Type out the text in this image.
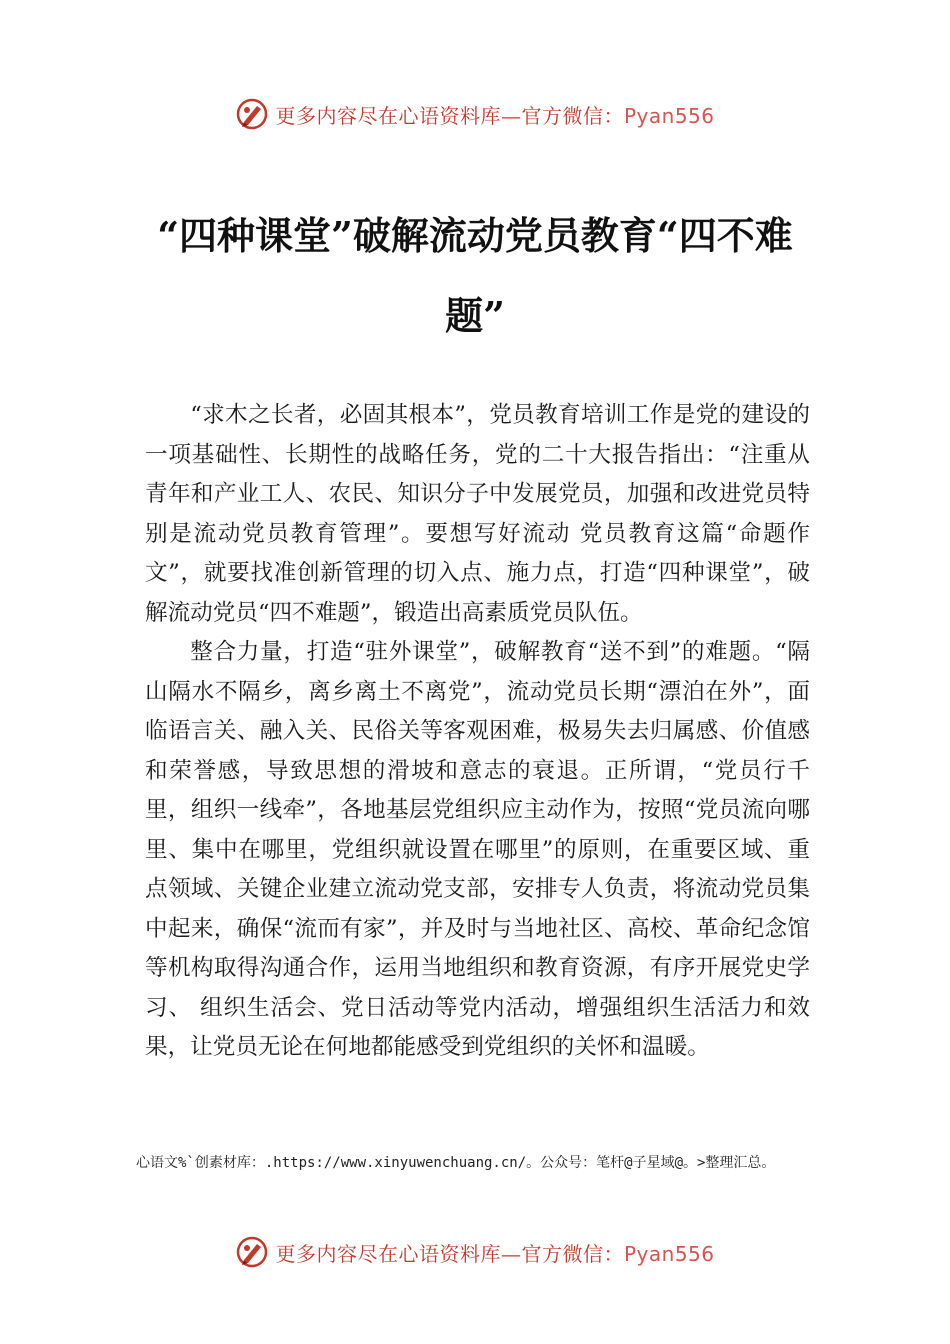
更多内容尽在心语资料库—官方微信：Pyan556
“四种课堂”破解流动党员教育“四不难题”

“求木之长者，必固其根本”，党员教育培训工作是党的建设的一项基础性、长期性的战略任务，党的二十大报告指出：“注重从青年和产业工人、农民、知识分子中发展党员，加强和改进党员特别是流动党员教育管理”。要想写好流动 党员教育这篇“命题作文”，就要找准创新管理的切入点、施力点，打造“四种课堂”，破解流动党员“四不难题”，锻造出高素质党员队伍。

整合力量，打造“驻外课堂”，破解教育“送不到”的难题。“隔山隔水不隔乡，离乡离土不离党”，流动党员长期“漂泊在外”，面临语言关、融入关、民俗关等客观困难，极易失去归属感、价值感和荣誉感，导致思想的滑坡和意志的衰退。正所谓，“党员行千里，组织一线牵”，各地基层党组织应主动作为，按照“党员流向哪里、集中在哪里，党组织就设置在哪里”的原则，在重要区域、重点领域、关键企业建立流动党支部，安排专人负责，将流动党员集中起来，确保“流而有家”，并及时与当地社区、高校、革命纪念馆等机构取得沟通合作，运用当地组织和教育资源，有序开展党史学习、 组织生活会、党日活动等党内活动，增强组织生活活力和效果，让党员无论在何地都能感受到党组织的关怀和温暖。

心语文%`创素材库：.https://www.xinyuwenchuang.cn/。公众号：笔杆@子星域@。>整理汇总。

更多内容尽在心语资料库—官方微信：Pyan556
